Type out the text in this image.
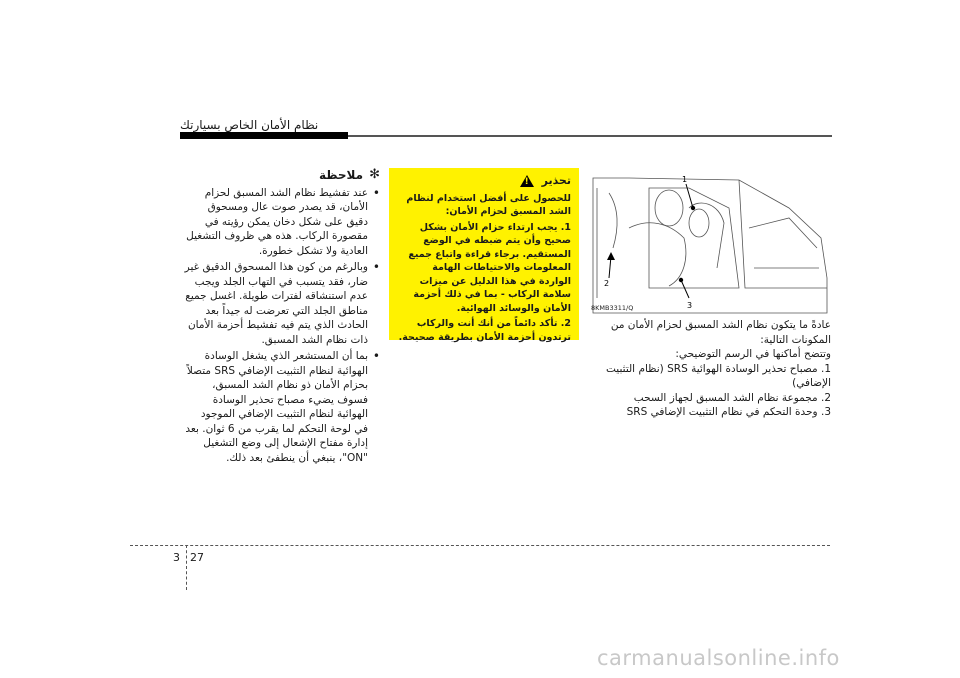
نظام الأمان الخاص بسيارتك
✻
ملاحظة

• عند تفشيط نظام الشد المسبق لحزام الأمان، قد يصدر صوت عال ومسحوق دقيق على شكل دخان يمكن رؤيته في مقصورة الركاب. هذه هي ظروف التشغيل العادية ولا تشكل خطورة.

• وبالرغم من كون هذا المسحوق الدقيق غير ضار، فقد يتسبب في التهاب الجلد ويجب عدم استنشاقه لفترات طويلة. اغسل جميع مناطق الجلد التي تعرضت له جيداً بعد الحادث الذي يتم فيه تفشيط أحزمة الأمان ذات نظام الشد المسبق.

• بما أن المستشعر الذي يشغل الوسادة الهوائية لنظام التثبيت الإضافي SRS متصلاً بحزام الأمان ذو نظام الشد المسبق، فسوف يضيء مصباح تحذير الوسادة الهوائية لنظام التثبيت الإضافي الموجود في لوحة التحكم لما يقرب من 6 ثوان. بعد إدارة مفتاح الإشعال إلى وضع التشغيل "ON"، ينبغي أن ينطفئ بعد ذلك.

تحذير
!

للحصول على أفضل استخدام لنظام الشد المسبق لحزام الأمان:

1. يجب ارتداء حزام الأمان بشكل صحيح وأن يتم ضبطه في الوضع المستقيم. برجاء قراءة واتباع جميع المعلومات والاحتياطات الهامة الواردة في هذا الدليل عن ميزات سلامة الركاب - بما في ذلك أحزمة الأمان والوسائد الهوائية.

2. تأكد دائماً من أنك أنت والركاب ترتدون أحزمة الأمان بطريقة صحيحة.

1
2
3
8KMB3311/Q

عادةً ما يتكون نظام الشد المسبق لحزام الأمان من المكونات التالية:

وتتضح أماكنها في الرسم التوضيحي:

1. مصباح تحذير الوسادة الهوائية SRS (نظام التثبيت الإضافي)

2. مجموعة نظام الشد المسبق لجهاز السحب

3. وحدة التحكم في نظام التثبيت الإضافي SRS

3 27
carmanualsonline.info
